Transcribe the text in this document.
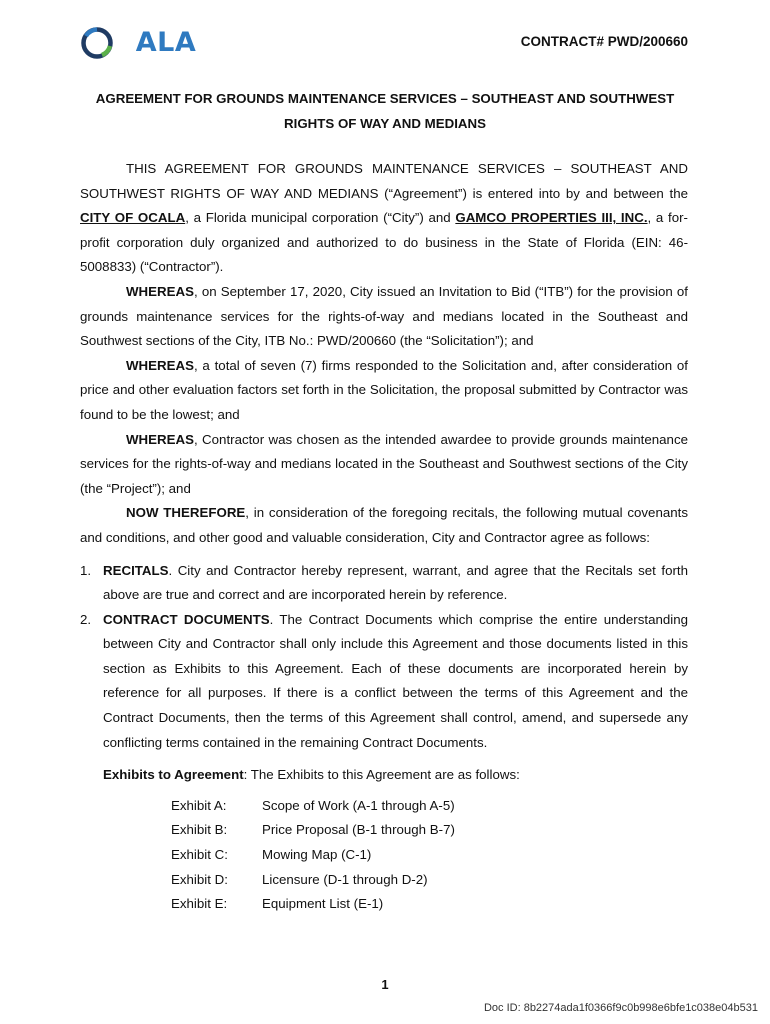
ALA	CONTRACT# PWD/200660
AGREEMENT FOR GROUNDS MAINTENANCE SERVICES – SOUTHEAST AND SOUTHWEST
RIGHTS OF WAY AND MEDIANS

THIS AGREEMENT FOR GROUNDS MAINTENANCE SERVICES – SOUTHEAST AND SOUTHWEST RIGHTS OF WAY AND MEDIANS (“Agreement”) is entered into by and between the CITY OF OCALA, a Florida municipal corporation (“City”) and GAMCO PROPERTIES III, INC., a for-profit corporation duly organized and authorized to do business in the State of Florida (EIN: 46-5008833) (“Contractor”).

WHEREAS, on September 17, 2020, City issued an Invitation to Bid (“ITB”) for the provision of grounds maintenance services for the rights-of-way and medians located in the Southeast and Southwest sections of the City, ITB No.: PWD/200660 (the “Solicitation”); and

WHEREAS, a total of seven (7) firms responded to the Solicitation and, after consideration of price and other evaluation factors set forth in the Solicitation, the proposal submitted by Contractor was found to be the lowest; and

WHEREAS, Contractor was chosen as the intended awardee to provide grounds maintenance services for the rights-of-way and medians located in the Southeast and Southwest sections of the City (the “Project”); and

NOW THEREFORE, in consideration of the foregoing recitals, the following mutual covenants and conditions, and other good and valuable consideration, City and Contractor agree as follows:

1. RECITALS. City and Contractor hereby represent, warrant, and agree that the Recitals set forth above are true and correct and are incorporated herein by reference.
2. CONTRACT DOCUMENTS. The Contract Documents which comprise the entire understanding between City and Contractor shall only include this Agreement and those documents listed in this section as Exhibits to this Agreement. Each of these documents are incorporated herein by reference for all purposes. If there is a conflict between the terms of this Agreement and the Contract Documents, then the terms of this Agreement shall control, amend, and supersede any conflicting terms contained in the remaining Contract Documents.
Exhibits to Agreement: The Exhibits to this Agreement are as follows:
Exhibit A:	Scope of Work (A-1 through A-5)
Exhibit B:	Price Proposal (B-1 through B-7)
Exhibit C:	Mowing Map (C-1)
Exhibit D:	Licensure (D-1 through D-2)
Exhibit E:	Equipment List (E-1)
1
Doc ID: 8b2274ada1f0366f9c0b998e6bfe1c038e04b531
